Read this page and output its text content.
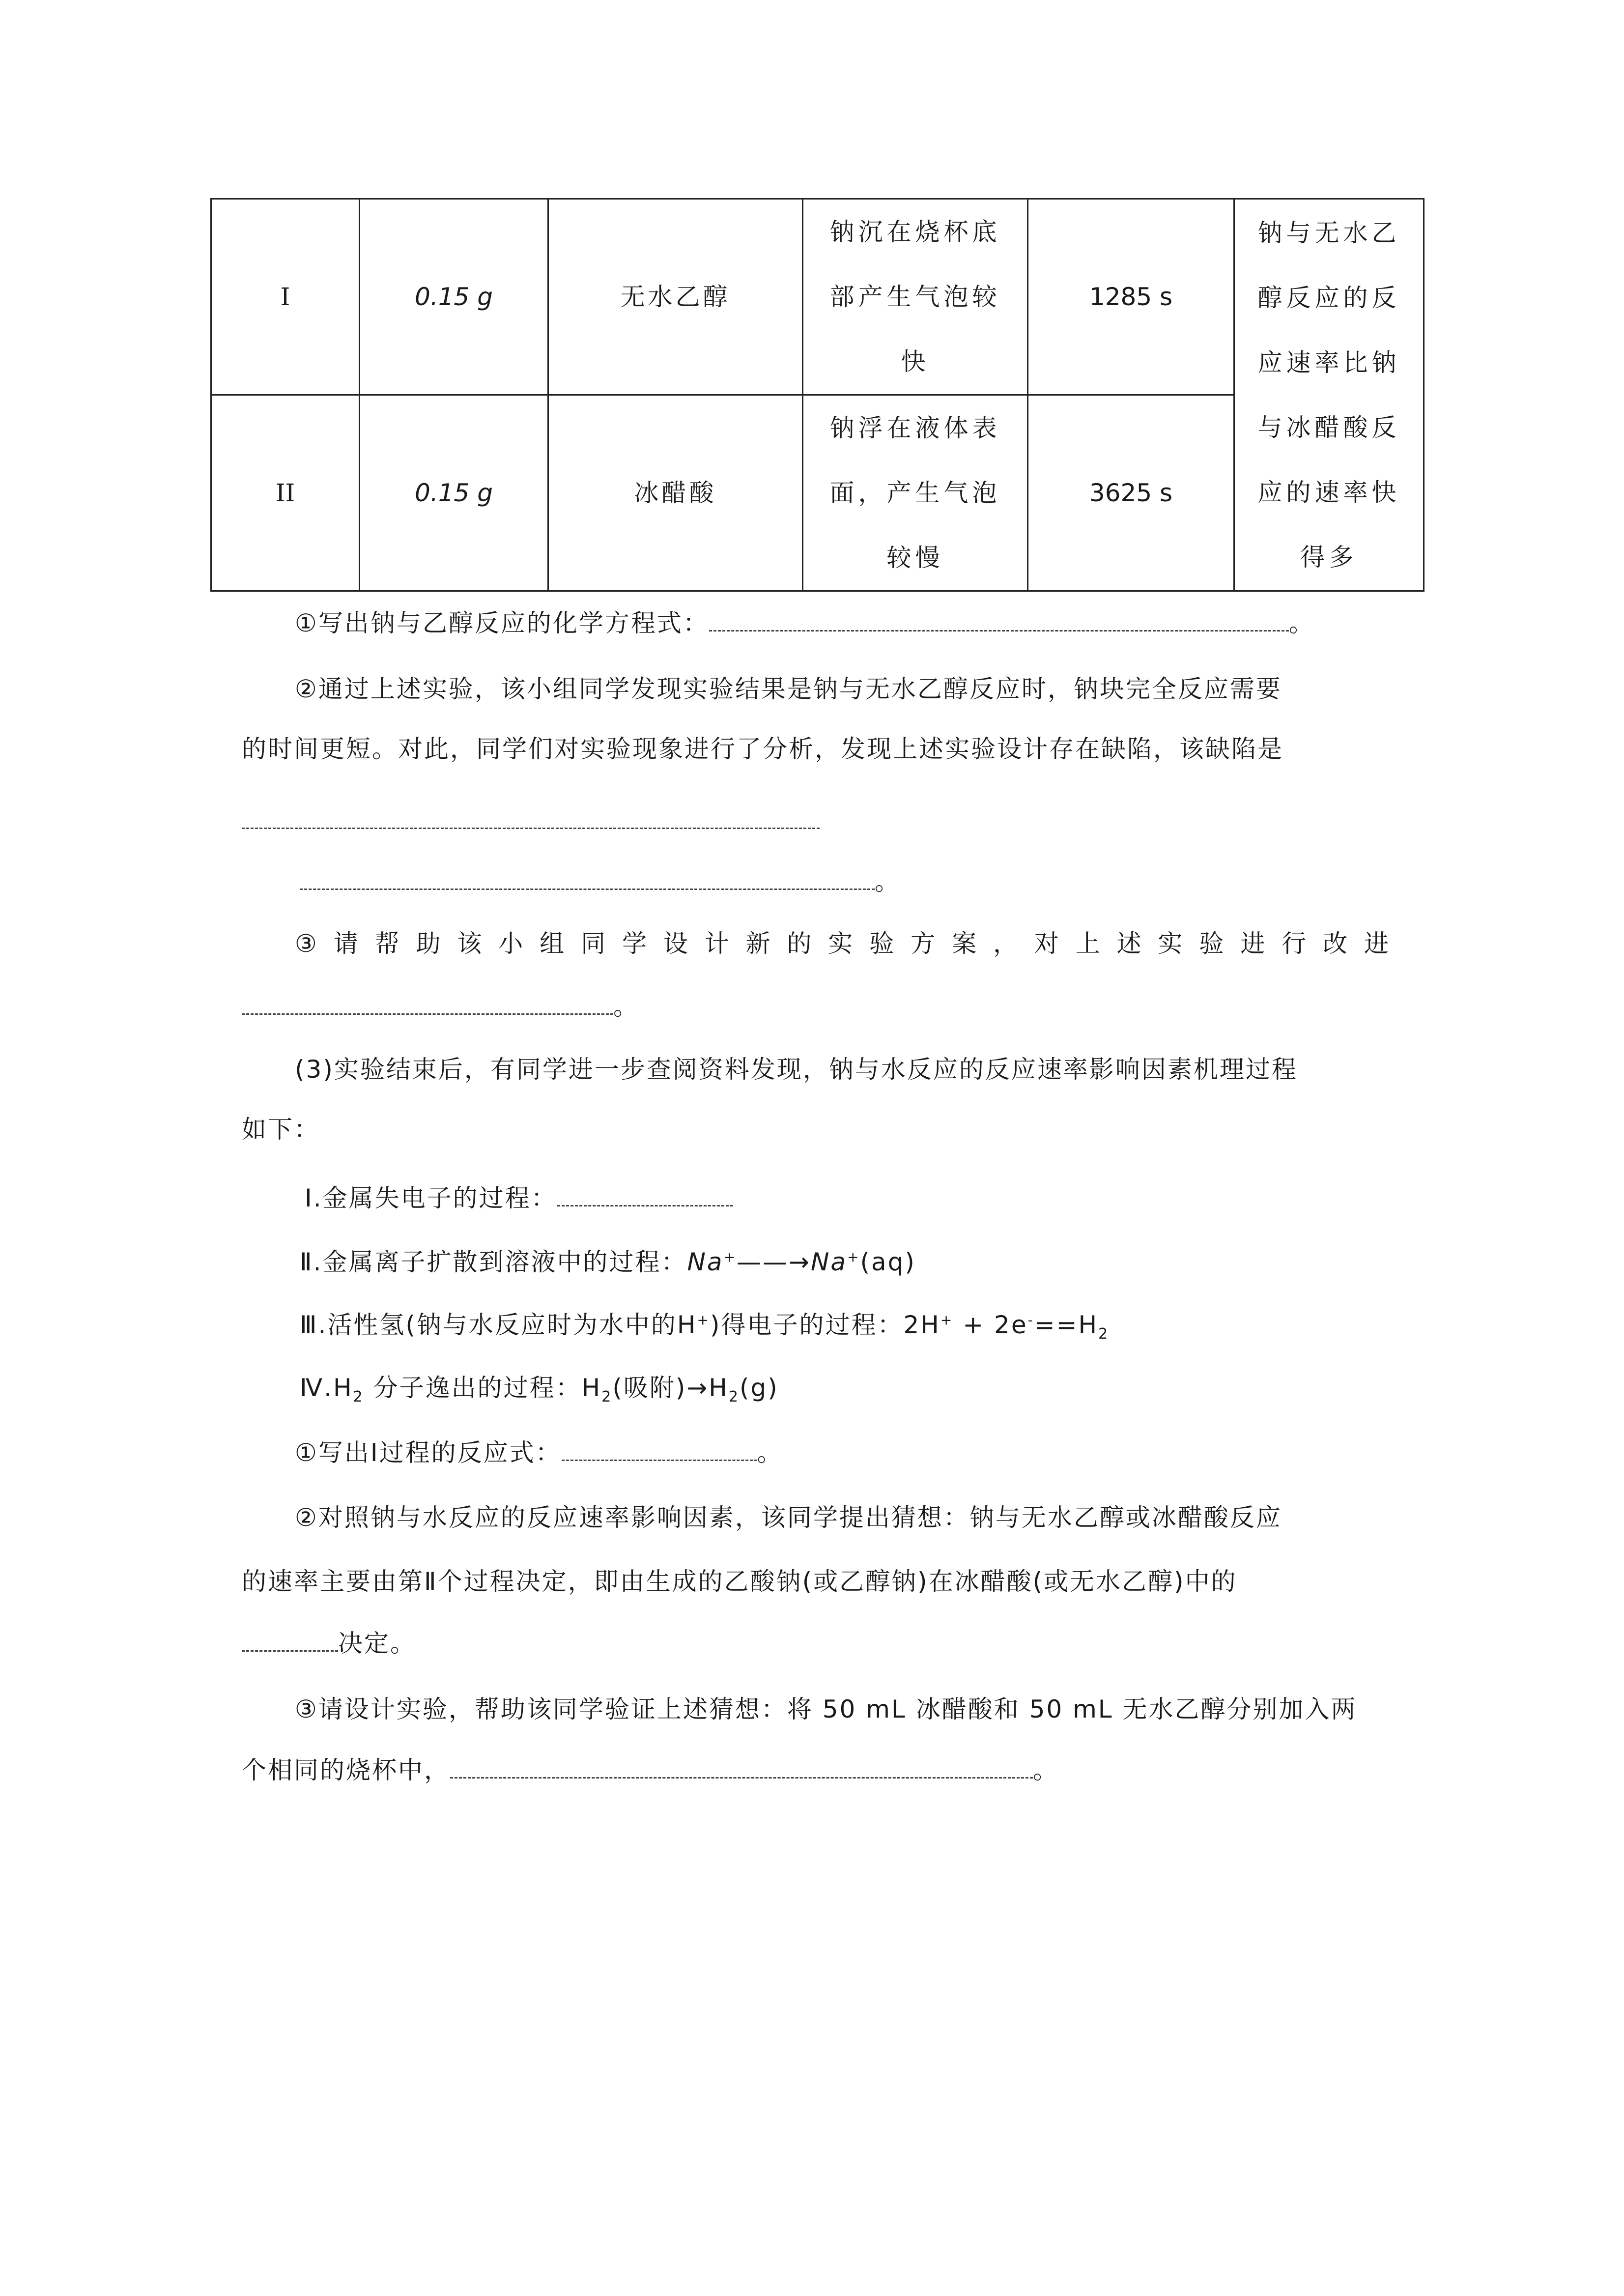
I	0.15 g	无水乙醇	钠沉在烧杯底部产生气泡较快	1285 s	钠与无水乙醇反应的反应速率比钠与冰醋酸反应的速率快得多
II	0.15 g	冰醋酸	钠浮在液体表面，产生气泡较慢	3625 s	
①写出钠与乙醇反应的化学方程式：	。
②通过上述实验，该小组同学发现实验结果是钠与无水乙醇反应时，钠块完全反应需要
的时间更短。对此，同学们对实验现象进行了分析，发现上述实验设计存在缺陷，该缺陷是
。
③ 请 帮 助 该 小 组 同 学 设 计 新 的 实 验 方 案 ， 对 上 述 实 验 进 行 改 进
。
(3)实验结束后，有同学进一步查阅资料发现，钠与水反应的反应速率影响因素机理过程
如下：
Ⅰ.金属失电子的过程：
Ⅱ.金属离子扩散到溶液中的过程：Na+——→Na+(aq)
Ⅲ.活性氢(钠与水反应时为水中的H+)得电子的过程：$2H^+ + 2e^-==H_2$
$Ⅳ.H_2$ 分子逸出的过程：$H_2$(吸附)$\to H_2(g)$
①写出Ⅰ过程的反应式：	。
②对照钠与水反应的反应速率影响因素，该同学提出猜想：钠与无水乙醇或冰醋酸反应
的速率主要由第Ⅱ个过程决定，即由生成的乙酸钠(或乙醇钠)在冰醋酸(或无水乙醇)中的
决定。
③请设计实验，帮助该同学验证上述猜想：将 50 mL 冰醋酸和 50 mL 无水乙醇分别加入两
个相同的烧杯中，	。
